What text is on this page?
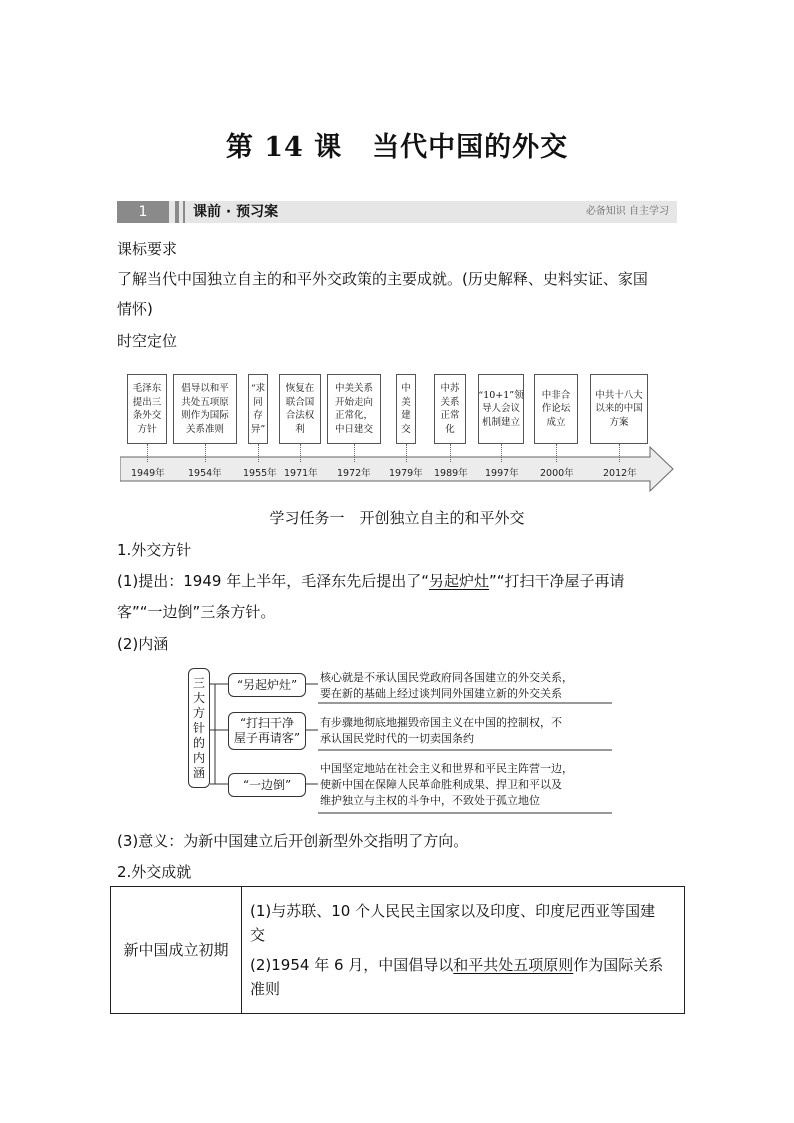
第 14 课 当代中国的外交
1	课前 · 预习案	必备知识 自主学习
课标要求
了解当代中国独立自主的和平外交政策的主要成就。(历史解释、史料实证、家国
情怀)
时空定位
毛泽东提出三条外交方针
倡导以和平共处五项原则作为国际关系准则
“求同存异”
恢复在联合国合法权利
中美关系开始走向正常化，中日建交
中美建交
中苏关系正常化
“10+1”领导人会议机制建立
中非合作论坛成立
中共十八大以来的中国方案
1949年 1954年 1955年 1971年 1972年 1979年 1989年 1997年 2000年	2012年
学习任务一　开创独立自主的和平外交
1.外交方针
(1)提出：1949 年上半年，毛泽东先后提出了“另起炉灶”“打扫干净屋子再请
客”“一边倒”三条方针。
(2)内涵
三大方针的内涵
“另起炉灶”
“打扫干净
屋子再请客”
“一边倒”
核心就是不承认国民党政府同各国建立的外交关系，
要在新的基础上经过谈判同外国建立新的外交关系
有步骤地彻底地摧毁帝国主义在中国的控制权，不
承认国民党时代的一切卖国条约
中国坚定地站在社会主义和世界和平民主阵营一边，
使新中国在保障人民革命胜利成果、捍卫和平以及
维护独立与主权的斗争中，不致处于孤立地位
(3)意义：为新中国建立后开创新型外交指明了方向。
2.外交成就
新中国成立初期	
(1)与苏联、10 个人民民主国家以及印度、印度尼西亚等国建
交
(2)1954 年 6 月，中国倡导以和平共处五项原则作为国际关系
准则
